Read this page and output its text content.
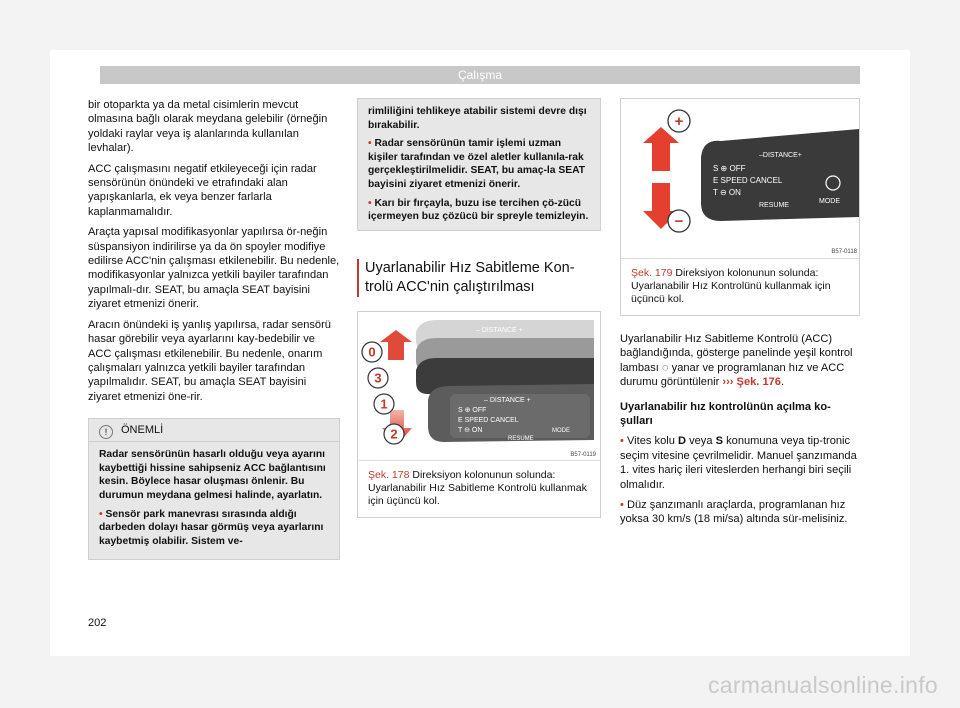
Çalışma

bir otoparkta ya da metal cisimlerin mevcut olmasına bağlı olarak meydana gelebilir (örneğin yoldaki raylar veya iş alanlarında kullanılan levhalar).

ACC çalışmasını negatif etkileyeceği için radar sensörünün önündeki ve etrafındaki alan yapışkanlarla, ek veya benzer farlarla kaplanmamalıdır.

Araçta yapısal modifikasyonlar yapılırsa ör-neğin süspansiyon indirilirse ya da ön spoyler modifiye edilirse ACC'nin çalışması etkilenebilir. Bu nedenle, modifikasyonlar yalnızca yetkili bayiler tarafından yapılmalı-dır. SEAT, bu amaçla SEAT bayisini ziyaret etmenizi önerir.

Aracın önündeki iş yanlış yapılırsa, radar sensörü hasar görebilir veya ayarlarını kay-bedebilir ve ACC çalışması etkilenebilir. Bu nedenle, onarım çalışmaları yalnızca yetkili bayiler tarafından yapılmalıdır. SEAT, bu amaçla SEAT bayisini ziyaret etmenizi öne-rir.

! ÖNEMLİ

Radar sensörünün hasarlı olduğu veya ayarını kaybettiği hissine sahipseniz ACC bağlantısını kesin. Böylece hasar oluşması önlenir. Bu durumun meydana gelmesi halinde, ayarlatın.

• Sensör park manevrası sırasında aldığı darbeden dolayı hasar görmüş veya ayarlarını kaybetmiş olabilir. Sistem ve-

rimliliğini tehlikeye atabilir sistemi devre dışı bırakabilir.

• Radar sensörünün tamir işlemi uzman kişiler tarafından ve özel aletler kullanıla-rak gerçekleştirilmelidir. SEAT, bu amaç-la SEAT bayisini ziyaret etmenizi önerir.

• Karı bir fırçayla, buzu ise tercihen çö-zücü içermeyen buz çözücü bir spreyle temizleyin.

Uyarlanabilir Hız Sabitleme Kon-trolü ACC'nin çalıştırılması
– DISTANCE +
– DISTANCE +
S ⊕ OFF
E SPEED CANCEL
T ⊖ ON
RESUME
MODE
0
3
1
2
B57-0119
Şek. 178 Direksiyon kolonunun solunda: Uyarlanabilir Hız Sabitleme Kontrolü kullanmak için üçüncü kol.
+
−
–DISTANCE+
S ⊕ OFF
E SPEED CANCEL
T ⊖ ON
RESUME
MODE
B57-0118
Şek. 179 Direksiyon kolonunun solunda: Uyarlanabilir Hız Kontrolünü kullanmak için üçüncü kol.

Uyarlanabilir Hız Sabitleme Kontrolü (ACC) bağlandığında, gösterge panelinde yeşil kontrol lambası ◌ yanar ve programlanan hız ve ACC durumu görüntülenir ››› Şek. 176.

Uyarlanabilir hız kontrolünün açılma ko-şulları

• Vites kolu D veya S konumuna veya tip-tronic seçim vitesine çevrilmelidir. Manuel şanzımanda 1. vites hariç ileri viteslerden herhangi biri seçili olmalıdır.

• Düz şanzımanlı araçlarda, programlanan hız yoksa 30 km/s (18 mi/sa) altında sür-melisiniz.

202
carmanualsonline.info
